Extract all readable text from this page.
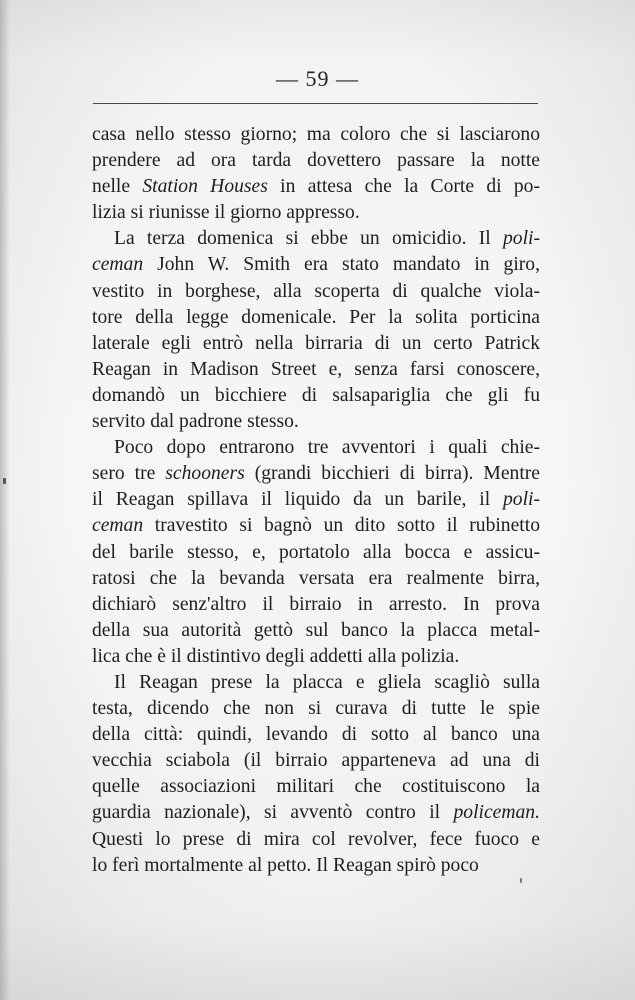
— 59 —
casa nello stesso giorno; ma coloro che si lasciarono
prendere ad ora tarda dovettero passare la notte
nelle Station Houses in attesa che la Corte di po-
lizia si riunisse il giorno appresso.
La terza domenica si ebbe un omicidio. Il poli-
ceman John W. Smith era stato mandato in giro,
vestito in borghese, alla scoperta di qualche viola-
tore della legge domenicale. Per la solita porticina
laterale egli entrò nella birraria di un certo Patrick
Reagan in Madison Street e, senza farsi conoscere,
domandò un bicchiere di salsapariglia che gli fu
servito dal padrone stesso.
Poco dopo entrarono tre avventori i quali chie-
sero tre schooners (grandi bicchieri di birra). Mentre
il Reagan spillava il liquido da un barile, il poli-
ceman travestito si bagnò un dito sotto il rubinetto
del barile stesso, e, portatolo alla bocca e assicu-
ratosi che la bevanda versata era realmente birra,
dichiarò senz'altro il birraio in arresto. In prova
della sua autorità gettò sul banco la placca metal-
lica che è il distintivo degli addetti alla polizia.
Il Reagan prese la placca e gliela scagliò sulla
testa, dicendo che non si curava di tutte le spie
della città: quindi, levando di sotto al banco una
vecchia sciabola (il birraio apparteneva ad una di
quelle associazioni militari che costituiscono la
guardia nazionale), si avventò contro il policeman.
Questi lo prese di mira col revolver, fece fuoco e
lo ferì mortalmente al petto. Il Reagan spirò poco
